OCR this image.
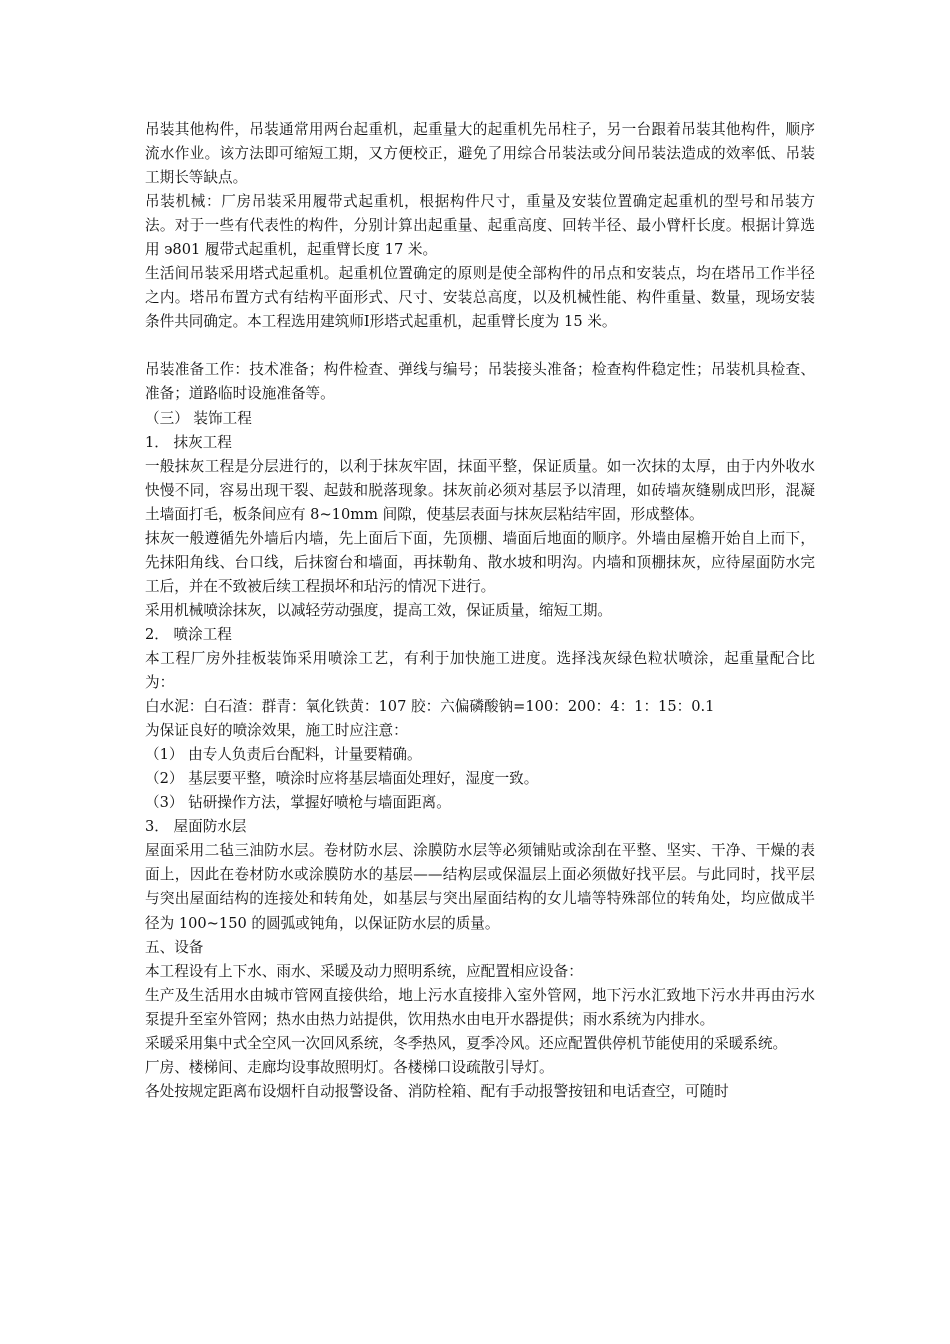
吊装其他构件，吊装通常用两台起重机，起重量大的起重机先吊柱子，另一台跟着吊装其他构件，顺序流水作业。该方法即可缩短工期，又方便校正，避免了用综合吊装法或分间吊装法造成的效率低、吊装工期长等缺点。

吊装机械：厂房吊装采用履带式起重机，根据构件尺寸，重量及安装位置确定起重机的型号和吊装方法。对于一些有代表性的构件，分别计算出起重量、起重高度、回转半径、最小臂杆长度。根据计算选用 э801 履带式起重机，起重臂长度 17 米。

生活间吊装采用塔式起重机。起重机位置确定的原则是使全部构件的吊点和安装点，均在塔吊工作半径之内。塔吊布置方式有结构平面形式、尺寸、安装总高度，以及机械性能、构件重量、数量，现场安装条件共同确定。本工程选用建筑师Ⅰ形塔式起重机，起重臂长度为 15 米。

吊装准备工作：技术准备；构件检查、弹线与编号；吊装接头准备；检查构件稳定性；吊装机具检查、准备；道路临时设施准备等。

（三） 装饰工程

1． 抹灰工程

一般抹灰工程是分层进行的，以利于抹灰牢固，抹面平整，保证质量。如一次抹的太厚，由于内外收水快慢不同，容易出现干裂、起鼓和脱落现象。抹灰前必须对基层予以清理，如砖墙灰缝剔成凹形，混凝土墙面打毛，板条间应有 8~10mm 间隙，使基层表面与抹灰层粘结牢固，形成整体。

抹灰一般遵循先外墙后内墙，先上面后下面，先顶棚、墙面后地面的顺序。外墙由屋檐开始自上而下，先抹阳角线、台口线，后抹窗台和墙面，再抹勒角、散水坡和明沟。内墙和顶棚抹灰，应待屋面防水完工后，并在不致被后续工程损坏和玷污的情况下进行。

采用机械喷涂抹灰，以减轻劳动强度，提高工效，保证质量，缩短工期。

2． 喷涂工程

本工程厂房外挂板装饰采用喷涂工艺，有利于加快施工进度。选择浅灰绿色粒状喷涂，起重量配合比为：

白水泥：白石渣：群青：氧化铁黄：107 胶：六偏磷酸钠=100：200：4：1：15：0.1

为保证良好的喷涂效果，施工时应注意：

（1） 由专人负责后台配料，计量要精确。

（2） 基层要平整，喷涂时应将基层墙面处理好，湿度一致。

（3） 钻研操作方法，掌握好喷枪与墙面距离。

3． 屋面防水层

屋面采用二毡三油防水层。卷材防水层、涂膜防水层等必须铺贴或涂刮在平整、坚实、干净、干燥的表面上，因此在卷材防水或涂膜防水的基层——结构层或保温层上面必须做好找平层。与此同时，找平层与突出屋面结构的连接处和转角处，如基层与突出屋面结构的女儿墙等特殊部位的转角处，均应做成半径为 100~150 的圆弧或钝角，以保证防水层的质量。

五、设备

本工程设有上下水、雨水、采暖及动力照明系统，应配置相应设备：

生产及生活用水由城市管网直接供给，地上污水直接排入室外管网，地下污水汇致地下污水井再由污水泵提升至室外管网；热水由热力站提供，饮用热水由电开水器提供；雨水系统为内排水。

采暖采用集中式全空风一次回风系统，冬季热风，夏季冷风。还应配置供停机节能使用的采暖系统。

厂房、楼梯间、走廊均设事故照明灯。各楼梯口设疏散引导灯。

各处按规定距离布设烟杆自动报警设备、消防栓箱、配有手动报警按钮和电话查空，可随时
